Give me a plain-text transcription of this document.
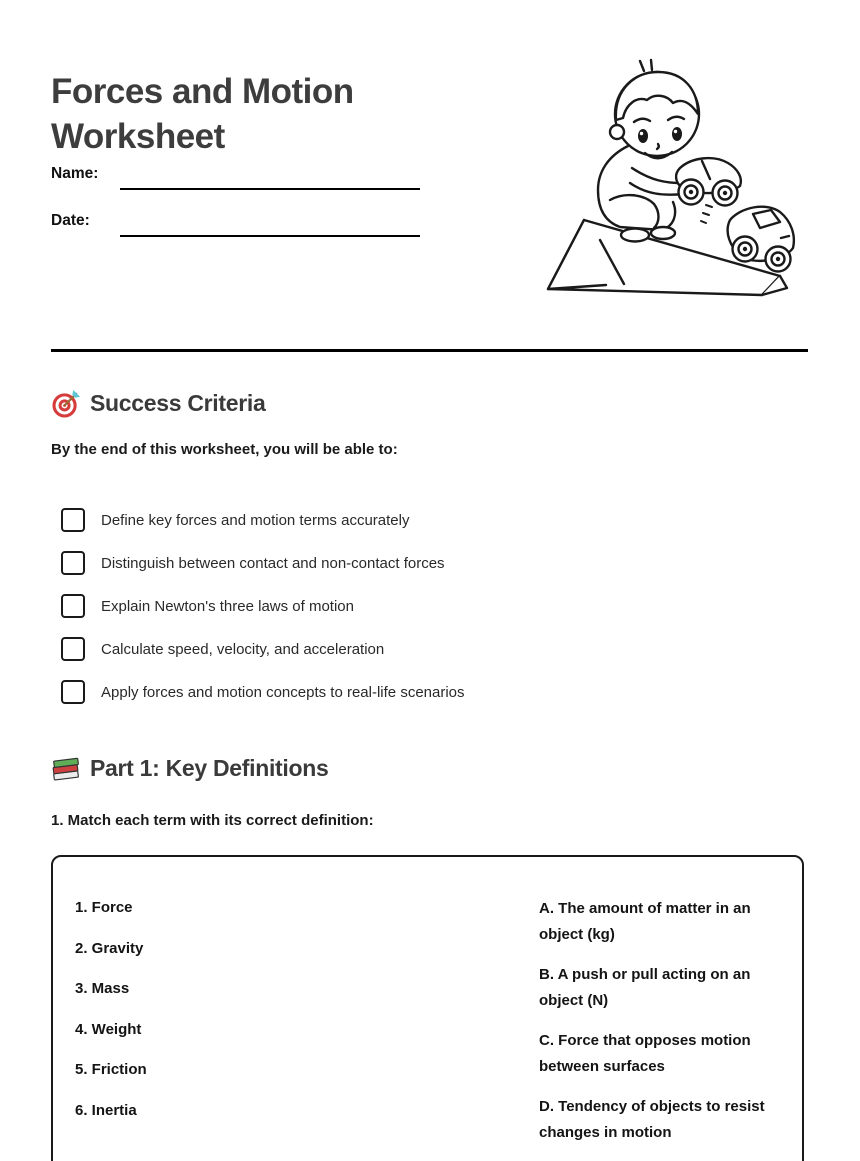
Forces and Motion Worksheet
Name:
Date:
Success Criteria
By the end of this worksheet, you will be able to:
Define key forces and motion terms accurately
Distinguish between contact and non-contact forces
Explain Newton's three laws of motion
Calculate speed, velocity, and acceleration
Apply forces and motion concepts to real-life scenarios
Part 1: Key Definitions
1. Match each term with its correct definition:
1. Force
2. Gravity
3. Mass
4. Weight
5. Friction
6. Inertia
A. The amount of matter in an object (kg)
B. A push or pull acting on an object (N)
C. Force that opposes motion between surfaces
D. Tendency of objects to resist changes in motion
